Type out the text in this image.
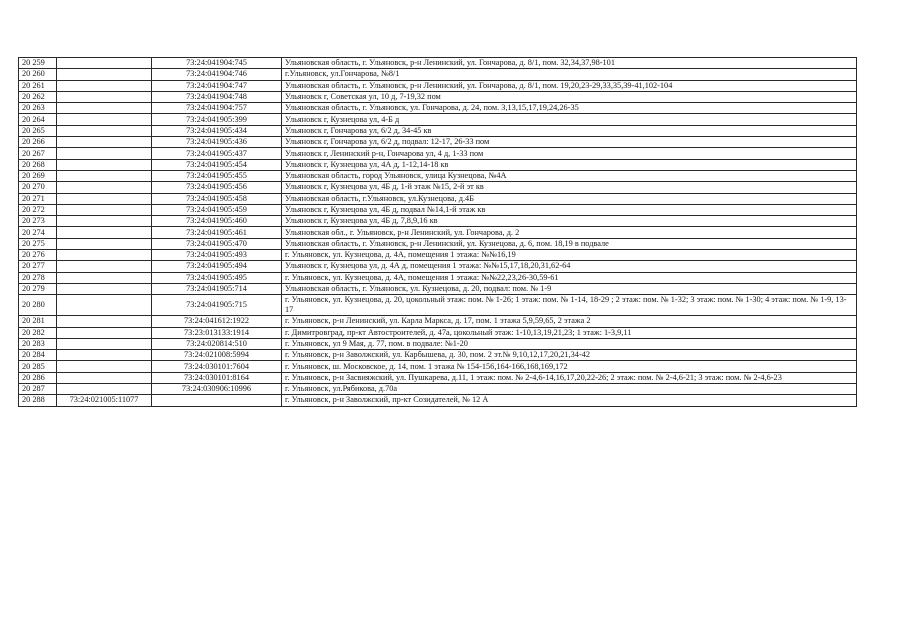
20 259		73:24:041904:745	Ульяновская область, г. Ульяновск, р-н Ленинский, ул. Гончарова, д. 8/1, пом. 32,34,37,98-101
20 260		73:24:041904:746	г.Ульяновск, ул.Гончарова, №8/1
20 261		73:24:041904:747	Ульяновская область, г. Ульяновск, р-н Ленинский, ул. Гончарова, д. 8/1, пом. 19,20,23-29,33,35,39-41,102-104
20 262		73:24:041904:748	Ульяновск г, Советская ул, 10 д, 7-19,32 пом
20 263		73:24:041904:757	Ульяновская область, г. Ульяновск, ул. Гончарова, д. 24, пом. 3,13,15,17,19,24,26-35
20 264		73:24:041905:399	Ульяновск г, Кузнецова ул, 4-Б д
20 265		73:24:041905:434	Ульяновск г, Гончарова ул, 6/2 д, 34-45 кв
20 266		73:24:041905:436	Ульяновск г, Гончарова ул, 6/2 д, подвал: 12-17, 26-33 пом
20 267		73:24:041905:437	Ульяновск г, Ленинский р-н, Гончарова ул, 4 д, 1-33 пом
20 268		73:24:041905:454	Ульяновск г, Кузнецова ул, 4А д, 1-12,14-18 кв
20 269		73:24:041905:455	Ульяновская область, город Ульяновск, улица Кузнецова, №4А
20 270		73:24:041905:456	Ульяновск г, Кузнецова ул, 4Б д, 1-й этаж №15, 2-й эт кв
20 271		73:24:041905:458	Ульяновская область, г.Ульяновск, ул.Кузнецова, д.4Б
20 272		73:24:041905:459	Ульяновск г, Кузнецова ул, 4Б д, подвал №14,1-й этаж кв
20 273		73:24:041905:460	Ульяновск г, Кузнецова ул, 4Б д, 7,8,9,16 кв
20 274		73:24:041905:461	Ульяновская обл., г. Ульяновск, р-н Ленинский, ул. Гончарова, д. 2
20 275		73:24:041905:470	Ульяновская область, г. Ульяновск, р-н Ленинский, ул. Кузнецова, д. 6, пом. 18,19 в подвале
20 276		73:24:041905:493	г. Ульяновск, ул. Кузнецова, д. 4А, помещения 1 этажа: №№16,19
20 277		73:24:041905:494	Ульяновск г, Кузнецова ул, д. 4А д, помещения 1 этажа: №№15,17,18,20,31,62-64
20 278		73:24:041905:495	г. Ульяновск, ул. Кузнецова, д. 4А, помещения 1 этажа: №№22,23,26-30,59-61
20 279		73:24:041905:714	Ульяновская область, г. Ульяновск, ул. Кузнецова, д. 20, подвал: пом. № 1-9
20 280		73:24:041905:715	г. Ульяновск, ул. Кузнецова, д. 20, цокольный этаж: пом. № 1-26; 1 этаж: пом. № 1-14, 18-29 ; 2 этаж: пом. № 1-32; 3 этаж: пом. № 1-30; 4 этаж: пом. № 1-9, 13-17
20 281		73:24:041612:1922	г. Ульяновск, р-н Ленинский, ул. Карла Маркса, д. 17, пом. 1 этажа 5,9,59,65, 2 этажа 2
20 282		73:23:013133:1914	г. Димитровград, пр-кт Автостроителей, д. 47а, цокольный этаж: 1-10,13,19,21,23; 1 этаж: 1-3,9,11
20 283		73:24:020814:510	г. Ульяновск, ул 9 Мая, д. 77, пом. в подвале: №1-20
20 284		73:24:021008:5994	г. Ульяновск, р-н Заволжский, ул. Карбышева, д. 30, пом. 2 эт.№ 9,10,12,17,20,21,34-42
20 285		73:24:030101:7604	г. Ульяновск, ш. Московское, д. 14, пом. 1 этажа № 154-156,164-166,168,169,172
20 286		73:24:030101:8164	г. Ульяновск, р-н Засвияжский, ул. Пушкарева, д.11, 1 этаж: пом. № 2-4,6-14,16,17,20,22-26; 2 этаж: пом. № 2-4,6-21; 3 этаж: пом. № 2-4,6-23
20 287		73:24:030906:10996	г. Ульяновск, ул.Рябикова, д.70а
20 288	73:24:021005:11077		г. Ульяновск, р-н Заволжский, пр-кт Созидателей, № 12 А
